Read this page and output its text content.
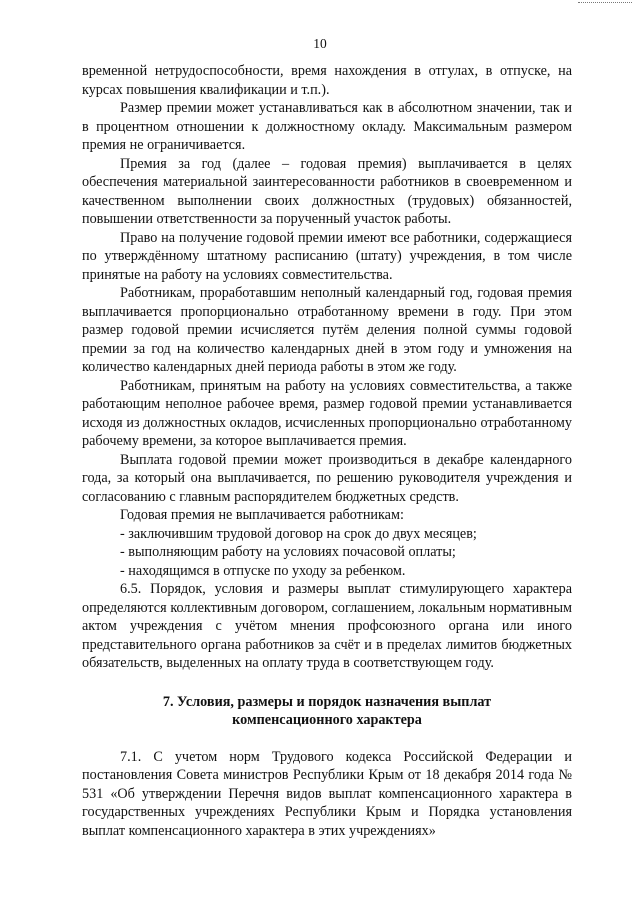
10

временной нетрудоспособности, время нахождения в отгулах, в отпуске, на курсах повышения квалификации и т.п.).

Размер премии может устанавливаться как в абсолютном значении, так и в процентном отношении к должностному окладу. Максимальным размером премия не ограничивается.

Премия за год (далее – годовая премия) выплачивается в целях обеспечения материальной заинтересованности работников в своевременном и качественном выполнении своих должностных (трудовых) обязанностей, повышении ответственности за порученный участок работы.

Право на получение годовой премии имеют все работники, содержащиеся по утверждённому штатному расписанию (штату) учреждения, в том числе принятые на работу на условиях совместительства.

Работникам, проработавшим неполный календарный год, годовая премия выплачивается пропорционально отработанному времени в году. При этом размер годовой премии исчисляется путём деления полной суммы годовой премии за год на количество календарных дней в этом году и умножения на количество календарных дней периода работы в этом же году.

Работникам, принятым на работу на условиях совместительства, а также работающим неполное рабочее время, размер годовой премии устанавливается исходя из должностных окладов, исчисленных пропорционально отработанному рабочему времени, за которое выплачивается премия.

Выплата годовой премии может производиться в декабре календарного года, за который она выплачивается, по решению руководителя учреждения и согласованию с главным распорядителем бюджетных средств.

Годовая премия не выплачивается работникам:

- заключившим трудовой договор на срок до двух месяцев;

- выполняющим работу на условиях почасовой оплаты;

- находящимся в отпуске по уходу за ребенком.

6.5. Порядок, условия и размеры выплат стимулирующего характера определяются коллективным договором, соглашением, локальным нормативным актом учреждения с учётом мнения профсоюзного органа или иного представительного органа работников за счёт и в пределах лимитов бюджетных обязательств, выделенных на оплату труда в соответствующем году.

7. Условия, размеры и порядок назначения выплат
компенсационного характера

7.1. С учетом норм Трудового кодекса Российской Федерации и постановления Совета министров Республики Крым от 18 декабря 2014 года № 531 «Об утверждении Перечня видов выплат компенсационного характера в государственных учреждениях Республики Крым и Порядка установления выплат компенсационного характера в этих учреждениях»
